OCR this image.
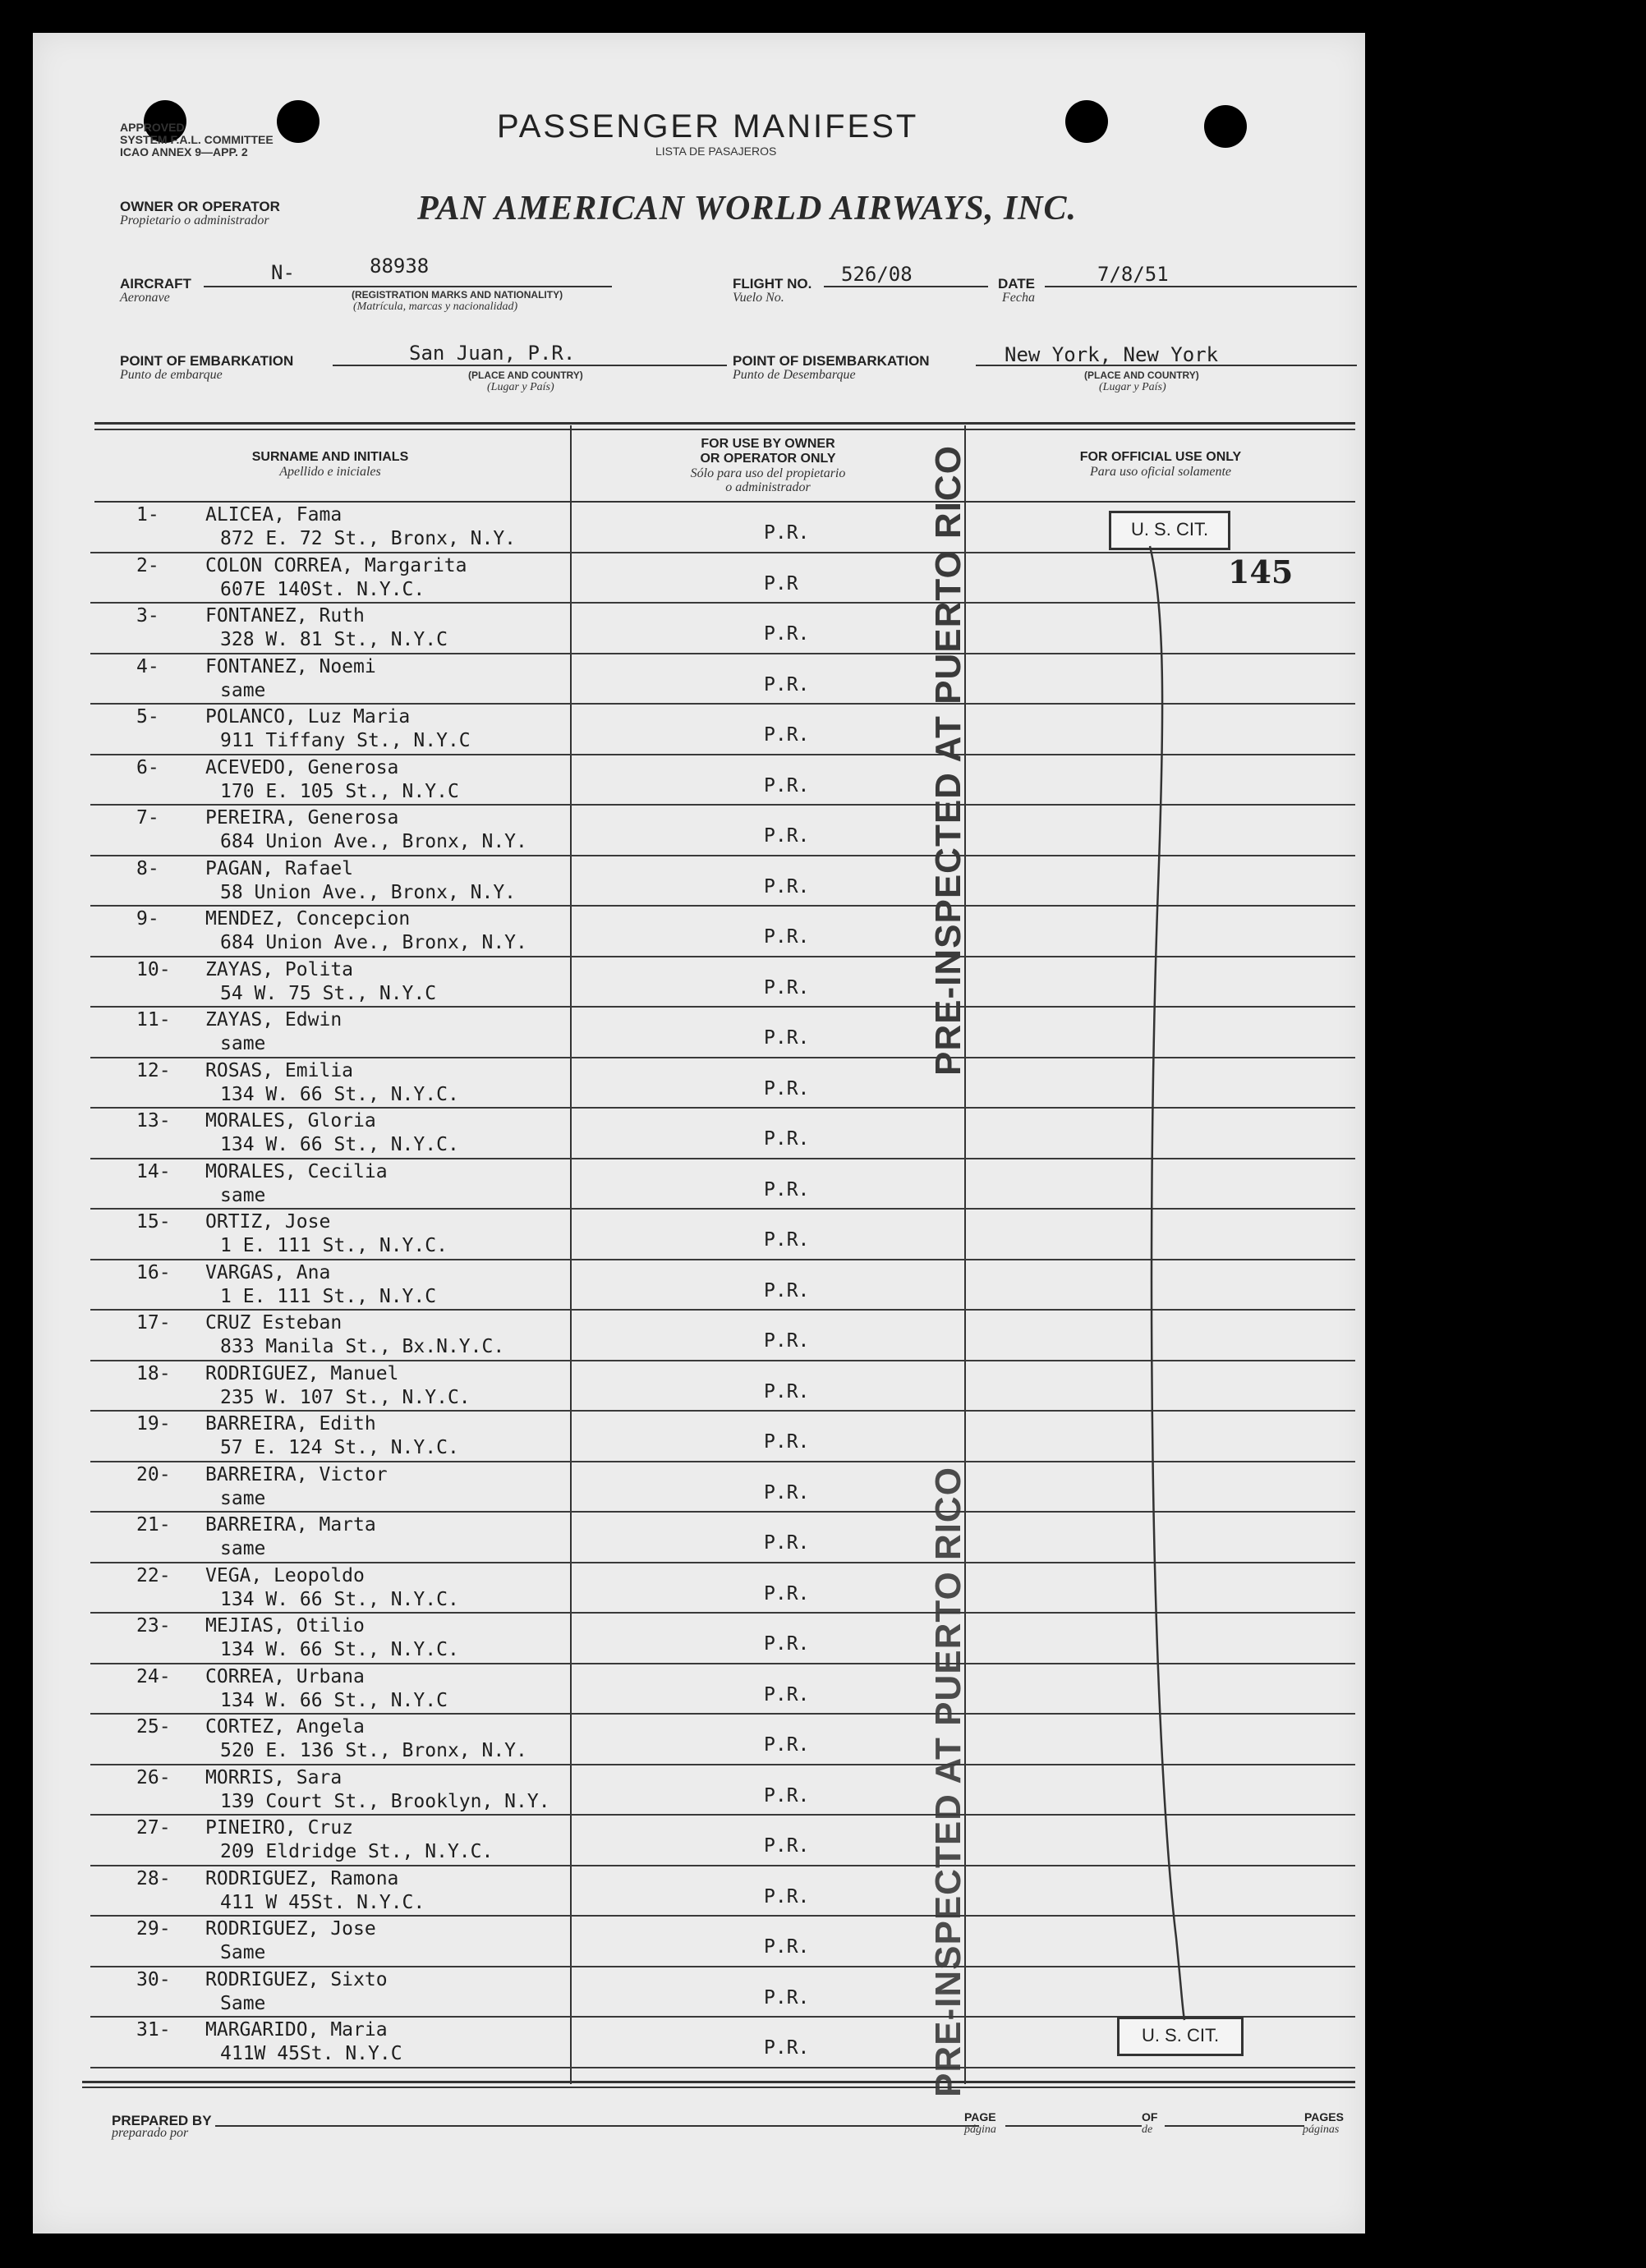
APPROVED
SYSTEM F.A.L. COMMITTEE
ICAO ANNEX 9—APP. 2
PASSENGER MANIFEST
LISTA DE PASAJEROS
OWNER OR OPERATOR
Propietario o administrador	PAN AMERICAN WORLD AIRWAYS, INC.
AIRCRAFT
Aeronave
N-	88938
(REGISTRATION MARKS AND NATIONALITY)
(Matrícula, marcas y nacionalidad)
FLIGHT NO.
Vuelo No.
526/08	DATE
Fecha
7/8/51
POINT OF EMBARKATION
Punto de embarque
San Juan, P.R.
(PLACE AND COUNTRY)
(Lugar y País)
POINT OF DISEMBARKATION
Punto de Desembarque
New York, New York
(PLACE AND COUNTRY)
(Lugar y País)
SURNAME AND INITIALS
Apellido e iniciales
FOR USE BY OWNER
OR OPERATOR ONLY
Sólo para uso del propietario
o administrador
FOR OFFICIAL USE ONLY
Para uso oficial solamente
1- ALICEA, Fama
872 E. 72 St., Bronx, N.Y.	P.R.
2- COLON CORREA, Margarita
607E 140St. N.Y.C.	P.R
3- FONTANEZ, Ruth
328 W. 81 St., N.Y.C	P.R.
4- FONTANEZ, Noemi
same	P.R.
5- POLANCO, Luz Maria
911 Tiffany St., N.Y.C	P.R.
6- ACEVEDO, Generosa
170 E. 105 St., N.Y.C	P.R.
7- PEREIRA, Generosa
684 Union Ave., Bronx, N.Y.	P.R.
8- PAGAN, Rafael
58 Union Ave., Bronx, N.Y.	P.R.
9- MENDEZ, Concepcion
684 Union Ave., Bronx, N.Y.	P.R.
10- ZAYAS, Polita
54 W. 75 St., N.Y.C	P.R.
11- ZAYAS, Edwin
same	P.R.
12- ROSAS, Emilia
134 W. 66 St., N.Y.C.	P.R.
13- MORALES, Gloria
134 W. 66 St., N.Y.C.	P.R.
14- MORALES, Cecilia
same	P.R.
15- ORTIZ, Jose
1 E. 111 St., N.Y.C.	P.R.
16- VARGAS, Ana
1 E. 111 St., N.Y.C	P.R.
17- CRUZ Esteban
833 Manila St., Bx.N.Y.C.	P.R.
18- RODRIGUEZ, Manuel
235 W. 107 St., N.Y.C.	P.R.
19- BARREIRA, Edith
57 E. 124 St., N.Y.C.	P.R.
20- BARREIRA, Victor
same	P.R.
21- BARREIRA, Marta
same	P.R.
22- VEGA, Leopoldo
134 W. 66 St., N.Y.C.	P.R.
23- MEJIAS, Otilio
134 W. 66 St., N.Y.C.	P.R.
24- CORREA, Urbana
134 W. 66 St., N.Y.C	P.R.
25- CORTEZ, Angela
520 E. 136 St., Bronx, N.Y.	P.R.
26- MORRIS, Sara
139 Court St., Brooklyn, N.Y.	P.R.
27- PINEIRO, Cruz
209 Eldridge St., N.Y.C.	P.R.
28- RODRIGUEZ, Ramona
411 W 45St. N.Y.C.	P.R.
29- RODRIGUEZ, Jose
Same	P.R.
30- RODRIGUEZ, Sixto
Same	P.R.
31- MARGARIDO, Maria
411W 45St. N.Y.C	P.R.
PRE-INSPECTED AT PUERTO RICO
PRE-INSPECTED AT PUERTO RICO
U. S. CIT.
U. S. CIT.
145
PREPARED BY
preparado por
PAGE
página
OF
de
PAGES
páginas
